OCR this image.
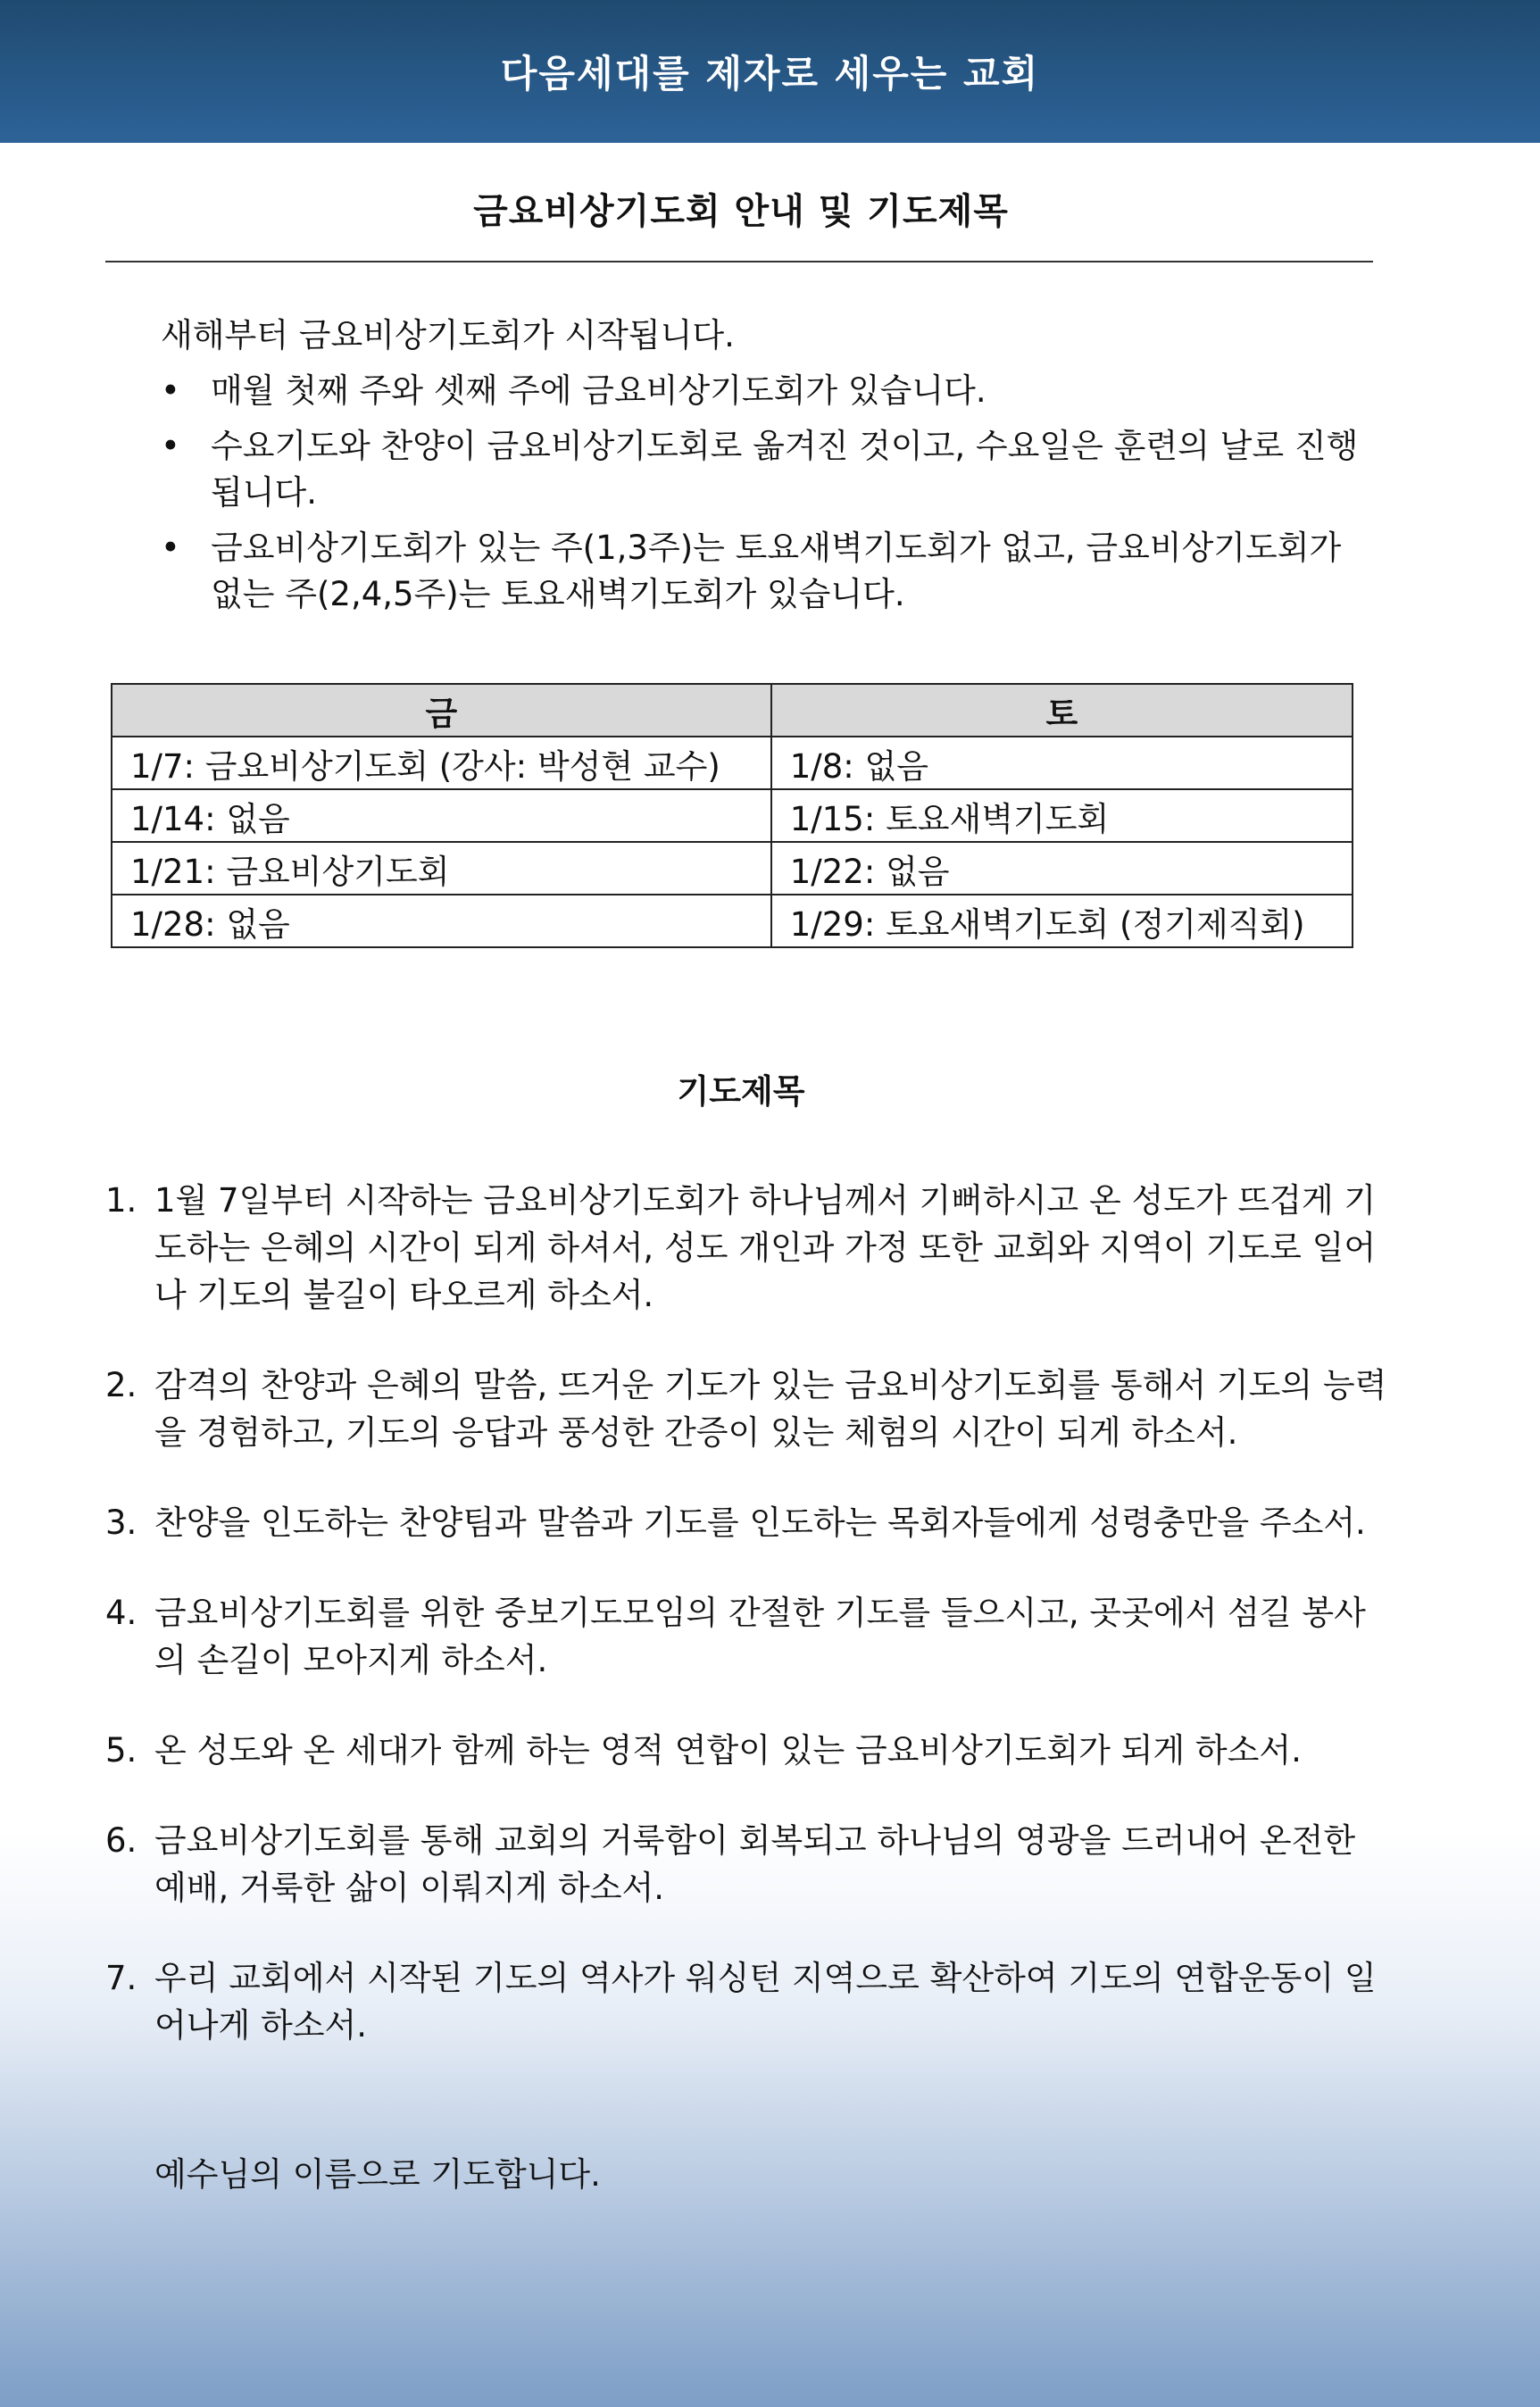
다음세대를 제자로 세우는 교회
금요비상기도회 안내 및 기도제목
새해부터 금요비상기도회가 시작됩니다.
• 매월 첫째 주와 셋째 주에 금요비상기도회가 있습니다.
• 수요기도와 찬양이 금요비상기도회로 옮겨진 것이고, 수요일은 훈련의 날로 진행됩니다.
• 금요비상기도회가 있는 주(1,3주)는 토요새벽기도회가 없고, 금요비상기도회가 없는 주(2,4,5주)는 토요새벽기도회가 있습니다.
금	토
1/7: 금요비상기도회 (강사: 박성현 교수)	1/8: 없음
1/14: 없음	1/15: 토요새벽기도회
1/21: 금요비상기도회	1/22: 없음
1/28: 없음	1/29: 토요새벽기도회 (정기제직회)
기도제목
1. 1월 7일부터 시작하는 금요비상기도회가 하나님께서 기뻐하시고 온 성도가 뜨겁게 기도하는 은혜의 시간이 되게 하셔서, 성도 개인과 가정 또한 교회와 지역이 기도로 일어나 기도의 불길이 타오르게 하소서.
2. 감격의 찬양과 은혜의 말씀, 뜨거운 기도가 있는 금요비상기도회를 통해서 기도의 능력을 경험하고, 기도의 응답과 풍성한 간증이 있는 체험의 시간이 되게 하소서.
3. 찬양을 인도하는 찬양팀과 말씀과 기도를 인도하는 목회자들에게 성령충만을 주소서.
4. 금요비상기도회를 위한 중보기도모임의 간절한 기도를 들으시고, 곳곳에서 섬길 봉사의 손길이 모아지게 하소서.
5. 온 성도와 온 세대가 함께 하는 영적 연합이 있는 금요비상기도회가 되게 하소서.
6. 금요비상기도회를 통해 교회의 거룩함이 회복되고 하나님의 영광을 드러내어 온전한 예배, 거룩한 삶이 이뤄지게 하소서.
7. 우리 교회에서 시작된 기도의 역사가 워싱턴 지역으로 확산하여 기도의 연합운동이 일어나게 하소서.
예수님의 이름으로 기도합니다.
